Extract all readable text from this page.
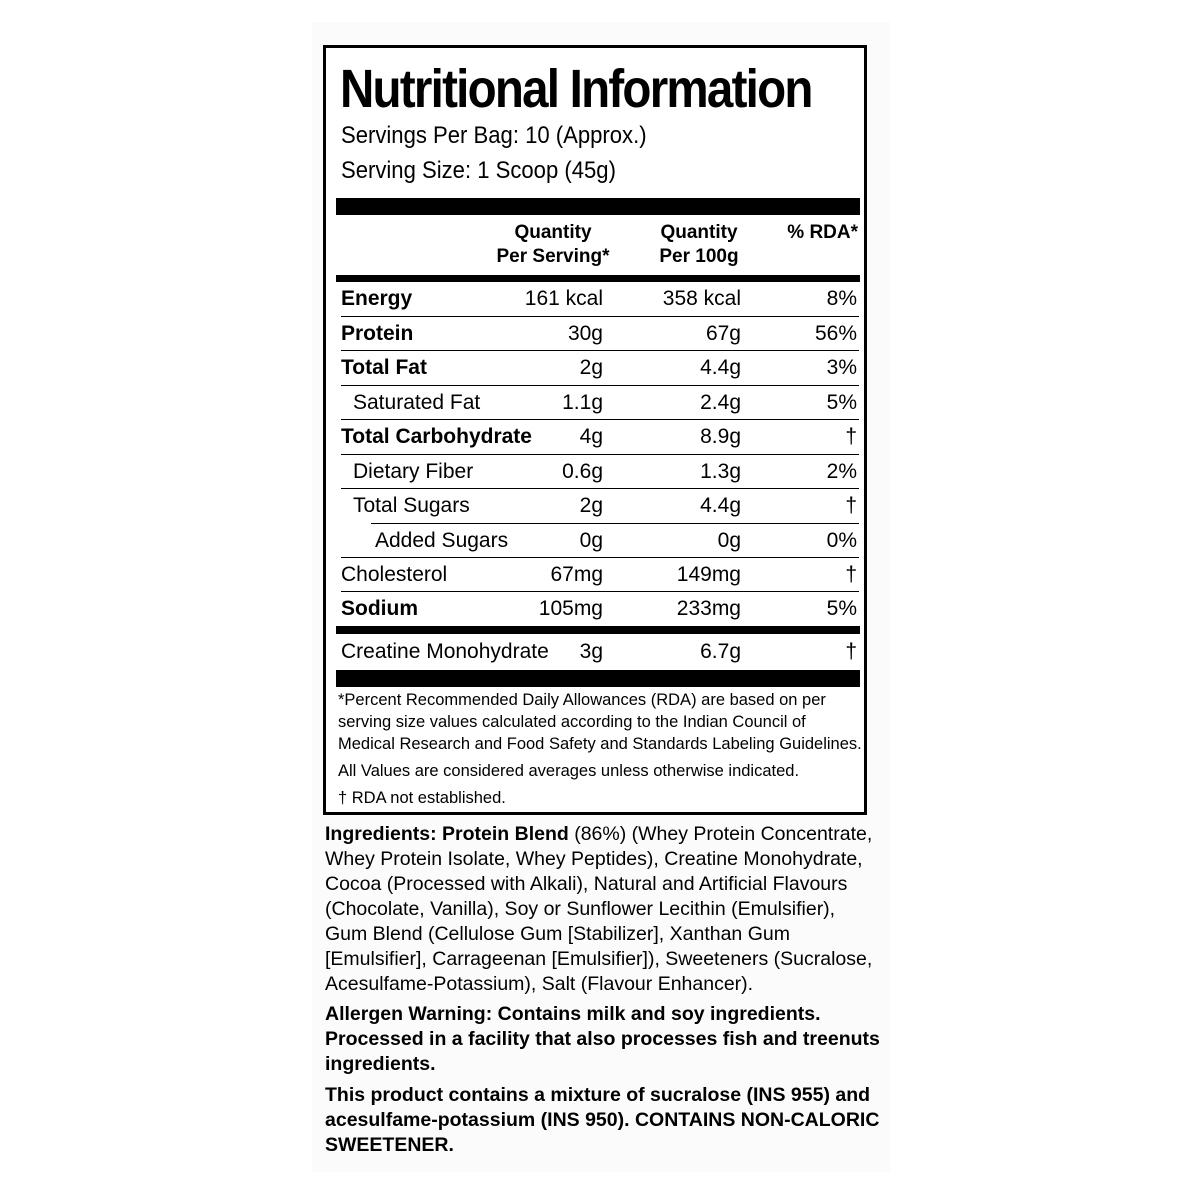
Nutritional Information
Servings Per Bag: 10 (Approx.)
Serving Size: 1 Scoop (45g)
Quantity
Per Serving*
Quantity
Per 100g
% RDA*
Energy	161 kcal	358 kcal	8%
Protein	30g	67g	56%
Total Fat	2g	4.4g	3%
Saturated Fat	1.1g	2.4g	5%
Total Carbohydrate 4g	8.9g	†
Dietary Fiber	0.6g	1.3g	2%
Total Sugars	2g	4.4g	†
Added Sugars	0g	0g	0%
Cholesterol	67mg	149mg	†
Sodium	105mg	233mg	5%
Creatine Monohydrate 3g	6.7g	†

*Percent Recommended Daily Allowances (RDA) are based on per serving size values calculated according to the Indian Council of Medical Research and Food Safety and Standards Labeling Guidelines.

All Values are considered averages unless otherwise indicated.

† RDA not established.

Ingredients: Protein Blend (86%) (Whey Protein Concentrate, Whey Protein Isolate, Whey Peptides), Creatine Monohydrate, Cocoa (Processed with Alkali), Natural and Artificial Flavours (Chocolate, Vanilla), Soy or Sunflower Lecithin (Emulsifier), Gum Blend (Cellulose Gum [Stabilizer], Xanthan Gum [Emulsifier], Carrageenan [Emulsifier]), Sweeteners (Sucralose, Acesulfame-Potassium), Salt (Flavour Enhancer).

Allergen Warning: Contains milk and soy ingredients. Processed in a facility that also processes fish and treenuts ingredients.

This product contains a mixture of sucralose (INS 955) and acesulfame-potassium (INS 950). CONTAINS NON-CALORIC SWEETENER.
